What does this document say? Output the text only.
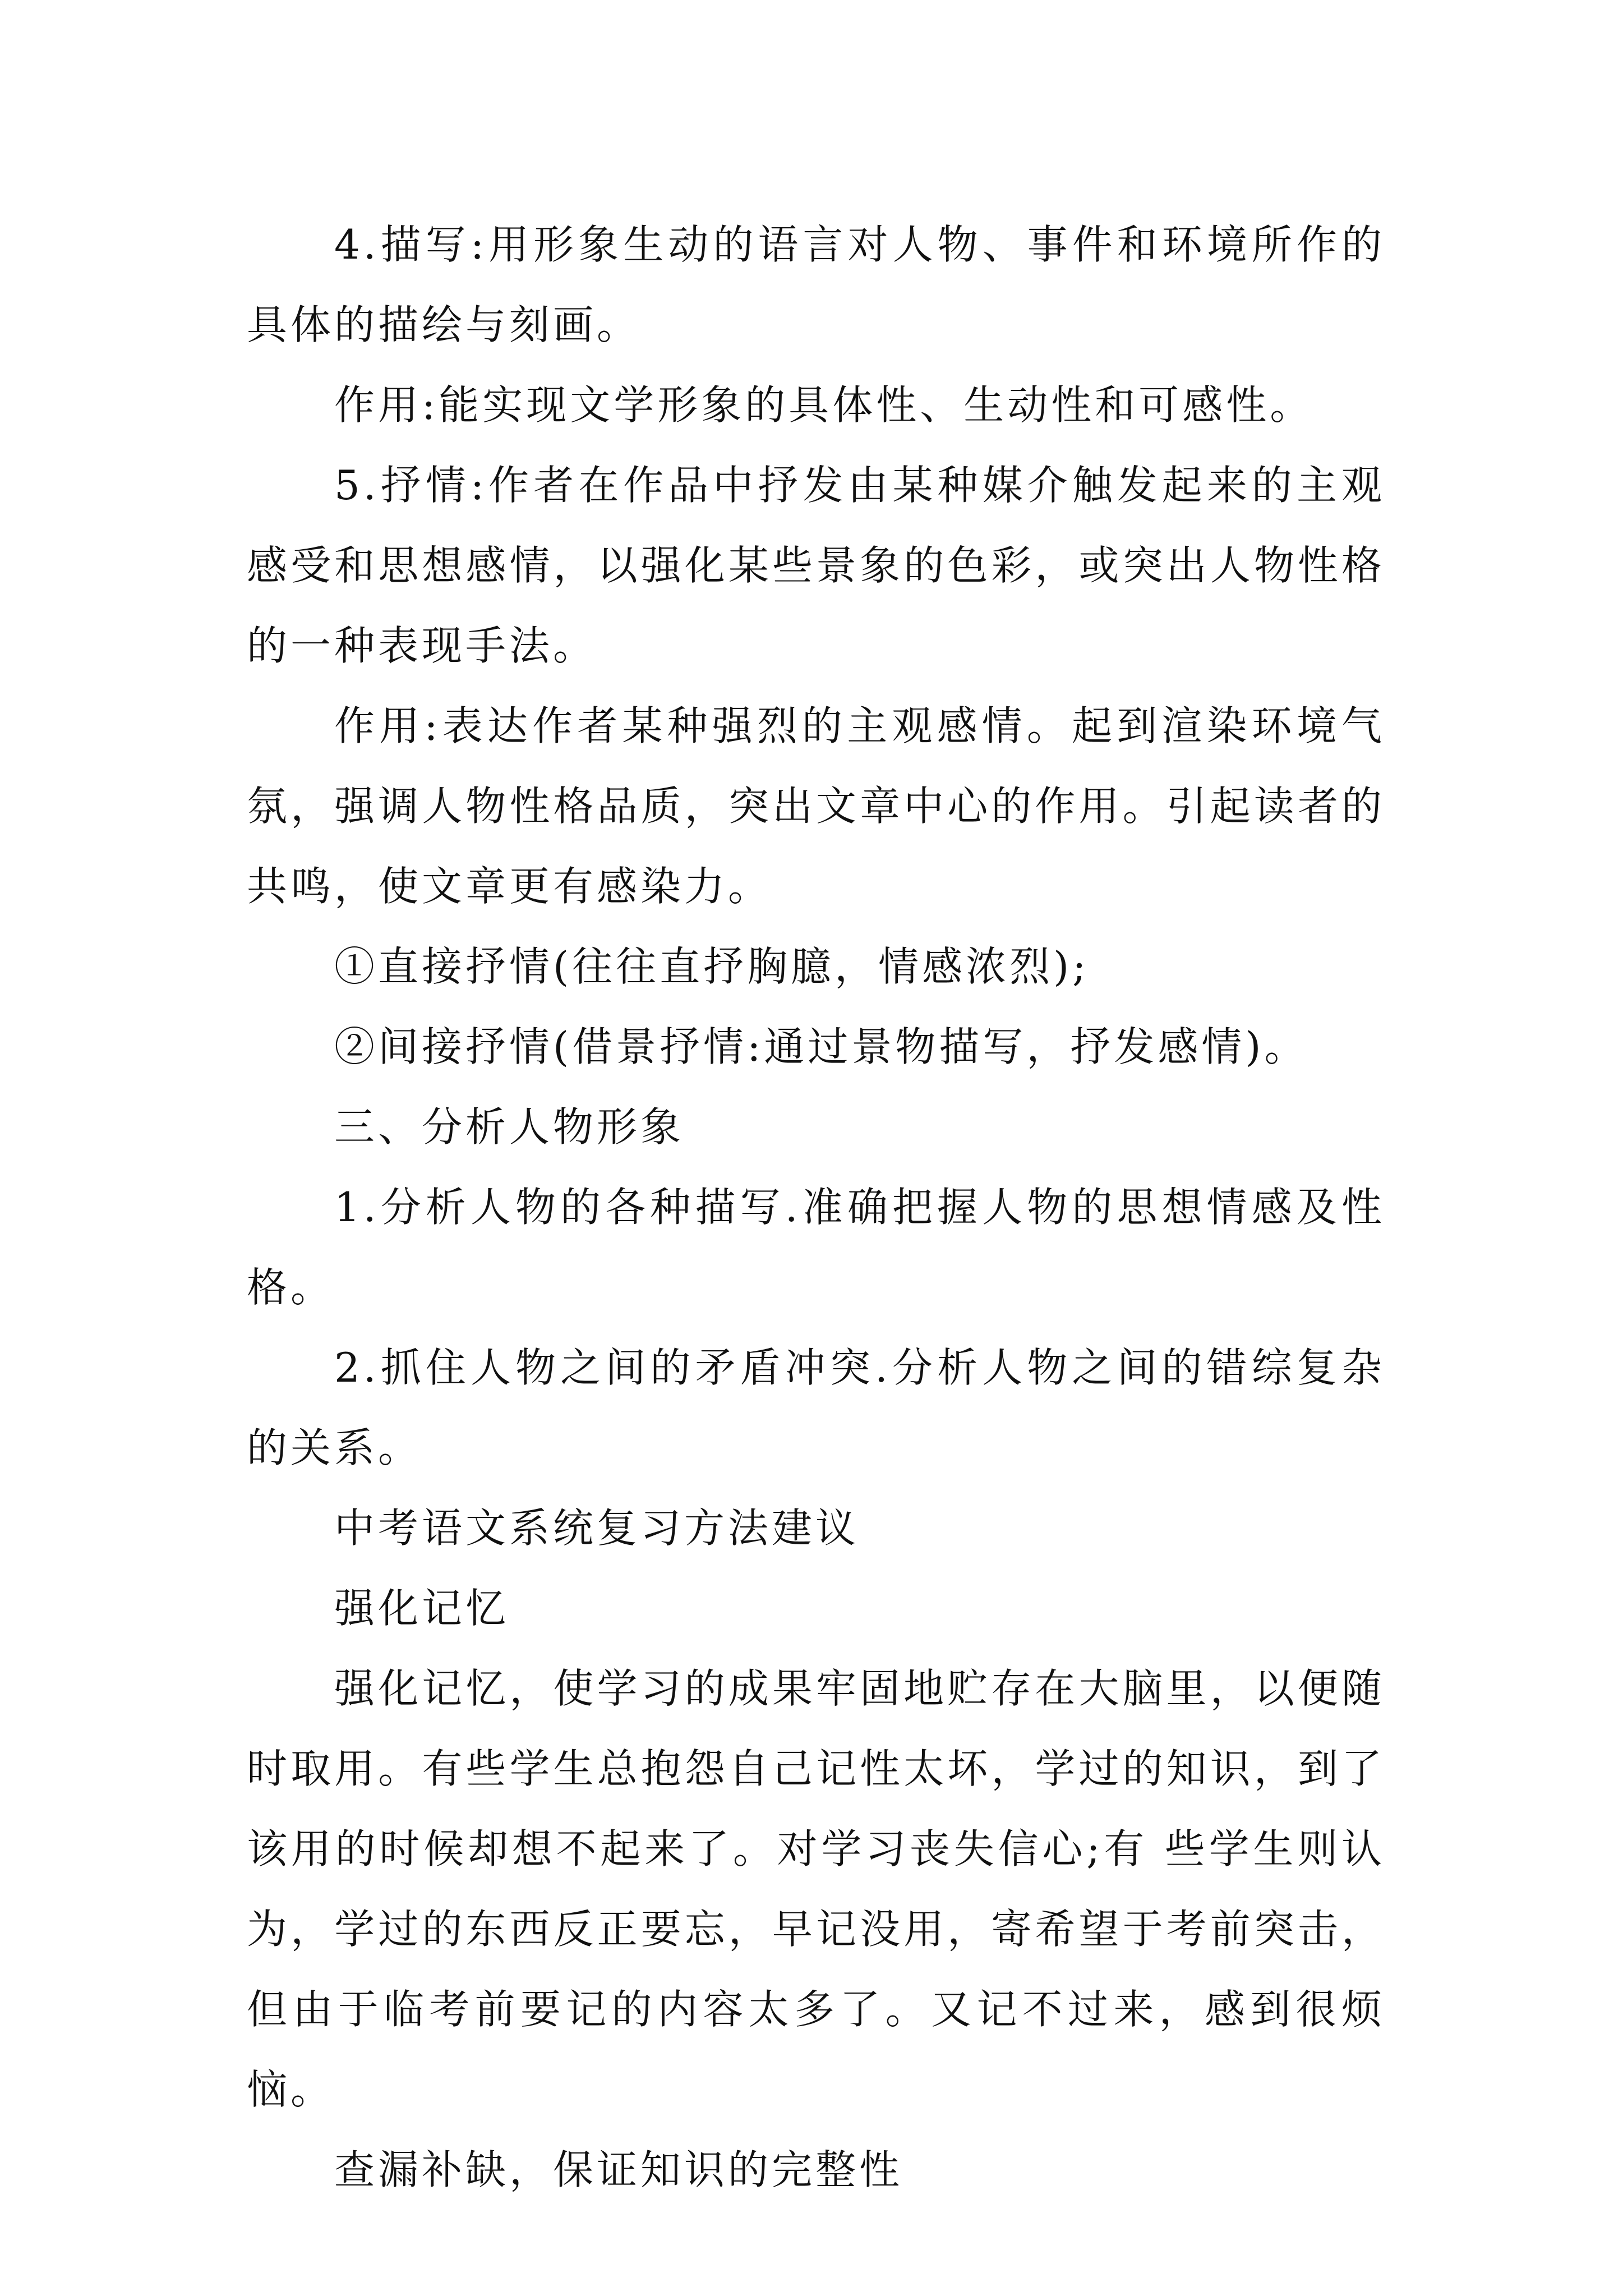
4.描写:用形象生动的语言对人物、事件和环境所作的具体的描绘与刻画。

作用:能实现文学形象的具体性、生动性和可感性。

5.抒情:作者在作品中抒发由某种媒介触发起来的主观感受和思想感情，以强化某些景象的色彩，或突出人物性格的一种表现手法。

作用:表达作者某种强烈的主观感情。起到渲染环境气氛，强调人物性格品质，突出文章中心的作用。引起读者的共鸣，使文章更有感染力。

①直接抒情(往往直抒胸臆，情感浓烈);

②间接抒情(借景抒情:通过景物描写，抒发感情)。

三、分析人物形象

1.分析人物的各种描写.准确把握人物的思想情感及性格。

2.抓住人物之间的矛盾冲突.分析人物之间的错综复杂的关系。

中考语文系统复习方法建议

强化记忆

强化记忆，使学习的成果牢固地贮存在大脑里，以便随时取用。有些学生总抱怨自己记性太坏，学过的知识，到了该用的时候却想不起来了。对学习丧失信心;有 些学生则认为，学过的东西反正要忘，早记没用，寄希望于考前突击，但由于临考前要记的内容太多了。又记不过来，感到很烦恼。

查漏补缺，保证知识的完整性
